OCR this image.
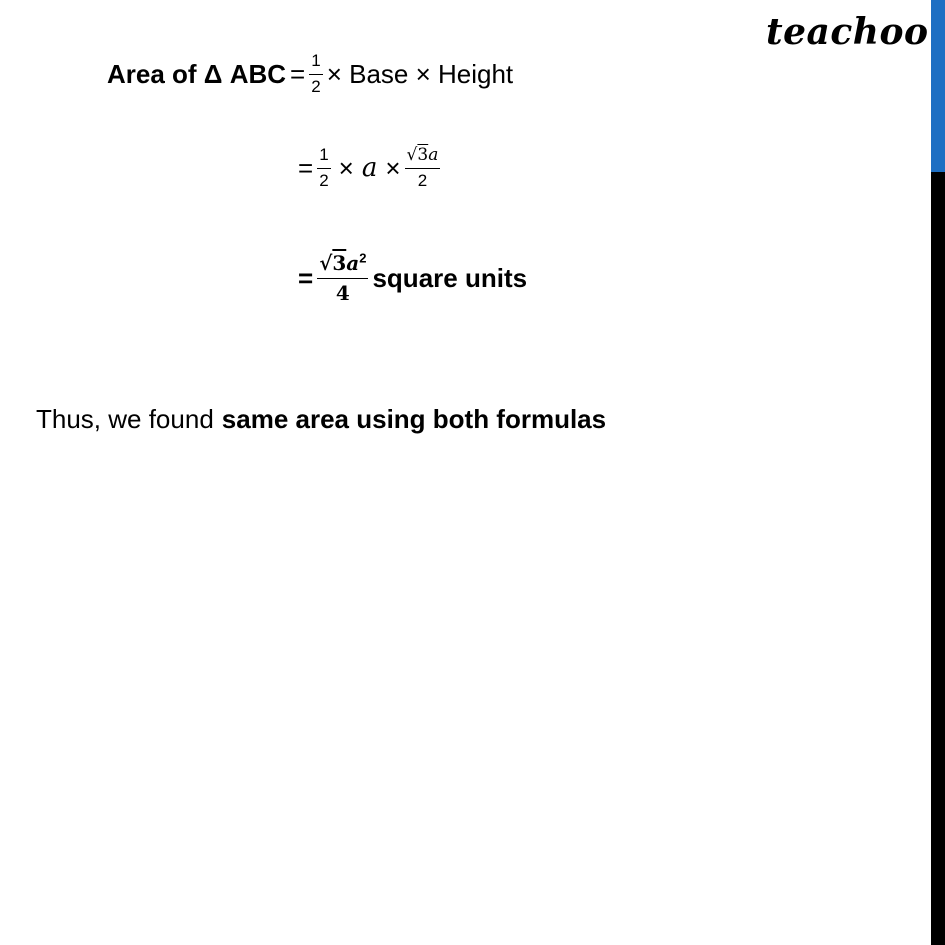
teachoo
Area of Δ ABC = $\frac{1}{2}$ × Base × Height
= $\frac{1}{2} \times a \times \frac{√3a}{2}$
= $\frac{√3a^2}{4}$ square units
Thus, we found same area using both formulas
